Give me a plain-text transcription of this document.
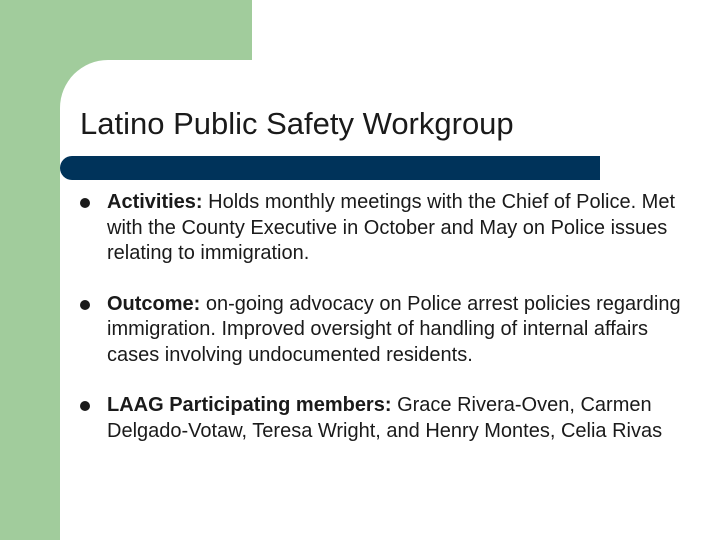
Latino Public Safety Workgroup
Activities: Holds monthly meetings with the Chief of Police. Met with the County Executive in October and May on Police issues relating to immigration.
Outcome: on-going advocacy on Police arrest policies regarding immigration. Improved oversight of handling of internal affairs cases involving undocumented residents.
LAAG Participating members: Grace Rivera-Oven, Carmen Delgado-Votaw, Teresa Wright, and Henry Montes, Celia Rivas
